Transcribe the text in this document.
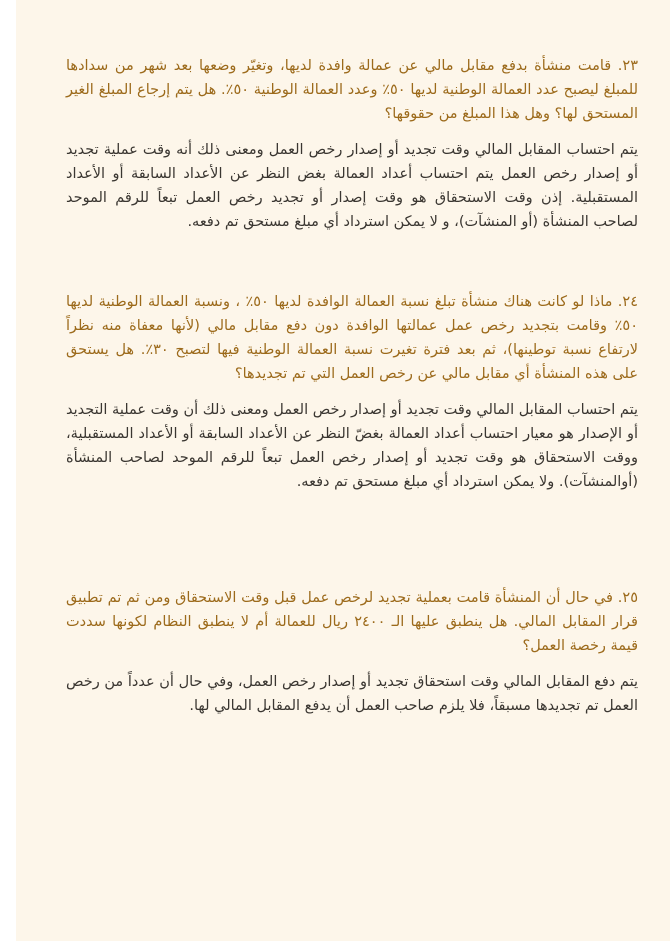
٢٣. قامت منشأة بدفع مقابل مالي عن عمالة وافدة لديها، وتغيّر وضعها بعد شهر من سدادها للمبلغ ليصبح عدد العمالة الوطنية لديها ٥٠٪ وعدد العمالة الوطنية ٥٠٪. هل يتم إرجاع المبلغ الغير المستحق لها؟ وهل هذا المبلغ من حقوقها؟

يتم احتساب المقابل المالي وقت تجديد أو إصدار رخص العمل ومعنى ذلك أنه وقت عملية تجديد أو إصدار رخص العمل يتم احتساب أعداد العمالة بغض النظر عن الأعداد السابقة أو الأعداد المستقبلية. إذن وقت الاستحقاق هو وقت إصدار أو تجديد رخص العمل تبعاً للرقم الموحد لصاحب المنشأة (أو المنشآت)، و لا يمكن استرداد أي مبلغ مستحق تم دفعه.

٢٤. ماذا لو كانت هناك منشأة تبلغ نسبة العمالة الوافدة لديها ٥٠٪ ، ونسبة العمالة الوطنية لديها ٥٠٪ وقامت بتجديد رخص عمل عمالتها الوافدة دون دفع مقابل مالي (لأنها معفاة منه نظراً لارتفاع نسبة توطينها)، ثم بعد فترة تغيرت نسبة العمالة الوطنية فيها لتصبح ٣٠٪. هل يستحق على هذه المنشأة أي مقابل مالي عن رخص العمل التي تم تجديدها؟

يتم احتساب المقابل المالي وقت تجديد أو إصدار رخص العمل ومعنى ذلك أن وقت عملية التجديد أو الإصدار هو معيار احتساب أعداد العمالة بغضّ النظر عن الأعداد السابقة أو الأعداد المستقبلية، ووقت الاستحقاق هو وقت تجديد أو إصدار رخص العمل تبعاً للرقم الموحد لصاحب المنشأة (أوالمنشآت). ولا يمكن استرداد أي مبلغ مستحق تم دفعه.

٢٥. في حال أن المنشأة قامت بعملية تجديد لرخص عمل قبل وقت الاستحقاق ومن ثم تم تطبيق قرار المقابل المالي. هل ينطبق عليها الـ ٢٤٠٠ ريال للعمالة أم لا ينطبق النظام لكونها سددت قيمة رخصة العمل؟

يتم دفع المقابل المالي وقت استحقاق تجديد أو إصدار رخص العمل، وفي حال أن عدداً من رخص العمل تم تجديدها مسبقاً، فلا يلزم صاحب العمل أن يدفع المقابل المالي لها.
